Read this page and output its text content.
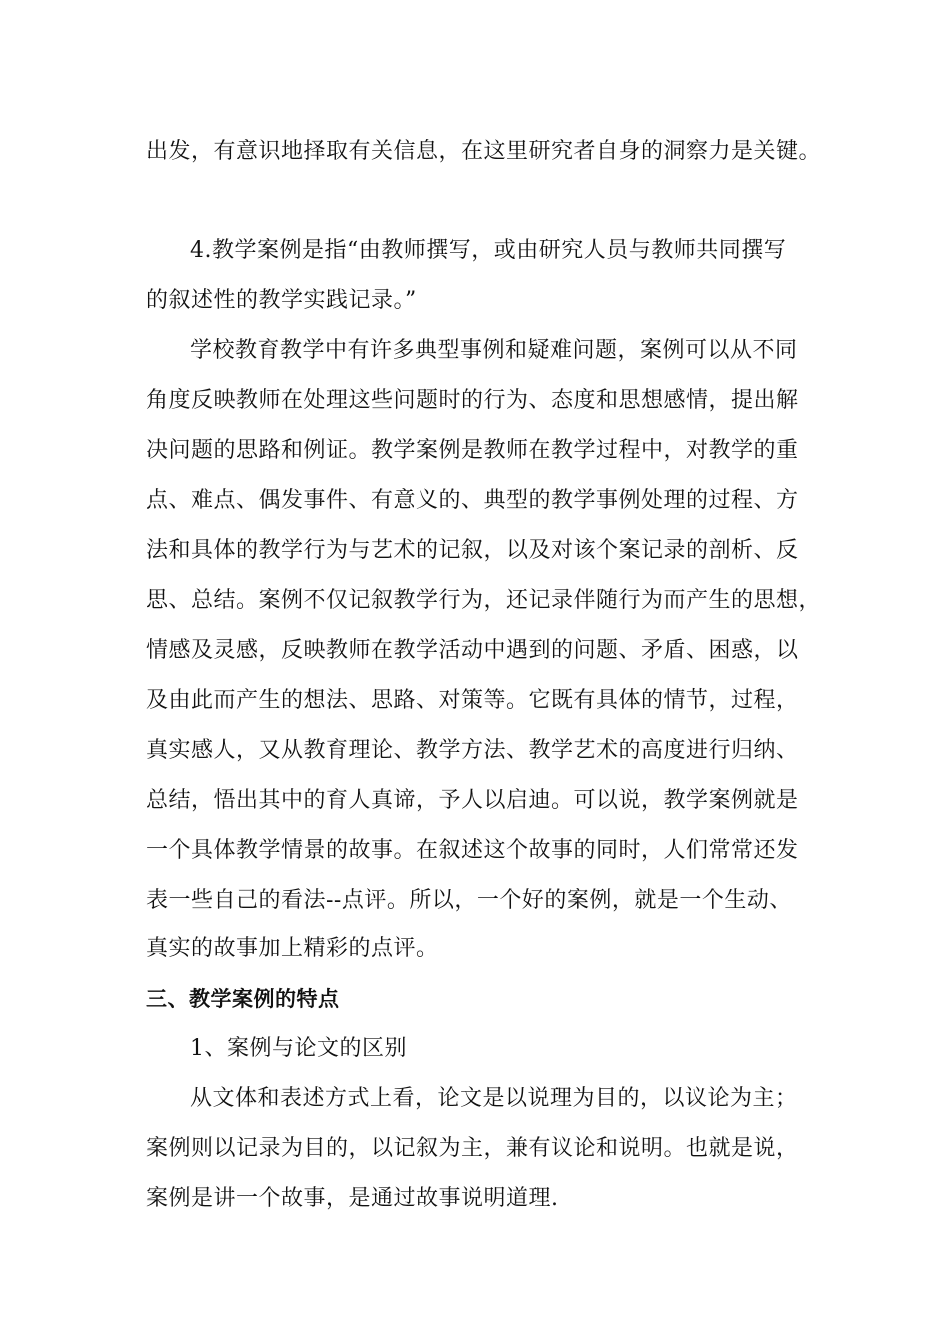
出发，有意识地择取有关信息，在这里研究者自身的洞察力是关键。
4.教学案例是指“由教师撰写，或由研究人员与教师共同撰写
的叙述性的教学实践记录。”
学校教育教学中有许多典型事例和疑难问题，案例可以从不同
角度反映教师在处理这些问题时的行为、态度和思想感情，提出解
决问题的思路和例证。教学案例是教师在教学过程中，对教学的重
点、难点、偶发事件、有意义的、典型的教学事例处理的过程、方
法和具体的教学行为与艺术的记叙，以及对该个案记录的剖析、反
思、总结。案例不仅记叙教学行为，还记录伴随行为而产生的思想，
情感及灵感，反映教师在教学活动中遇到的问题、矛盾、困惑，以
及由此而产生的想法、思路、对策等。它既有具体的情节，过程，
真实感人，又从教育理论、教学方法、教学艺术的高度进行归纳、
总结，悟出其中的育人真谛，予人以启迪。可以说，教学案例就是
一个具体教学情景的故事。在叙述这个故事的同时，人们常常还发
表一些自己的看法--点评。所以，一个好的案例，就是一个生动、
真实的故事加上精彩的点评。
三、教学案例的特点
1、案例与论文的区别
从文体和表述方式上看，论文是以说理为目的，以议论为主；
案例则以记录为目的，以记叙为主，兼有议论和说明。也就是说，
案例是讲一个故事，是通过故事说明道理.
